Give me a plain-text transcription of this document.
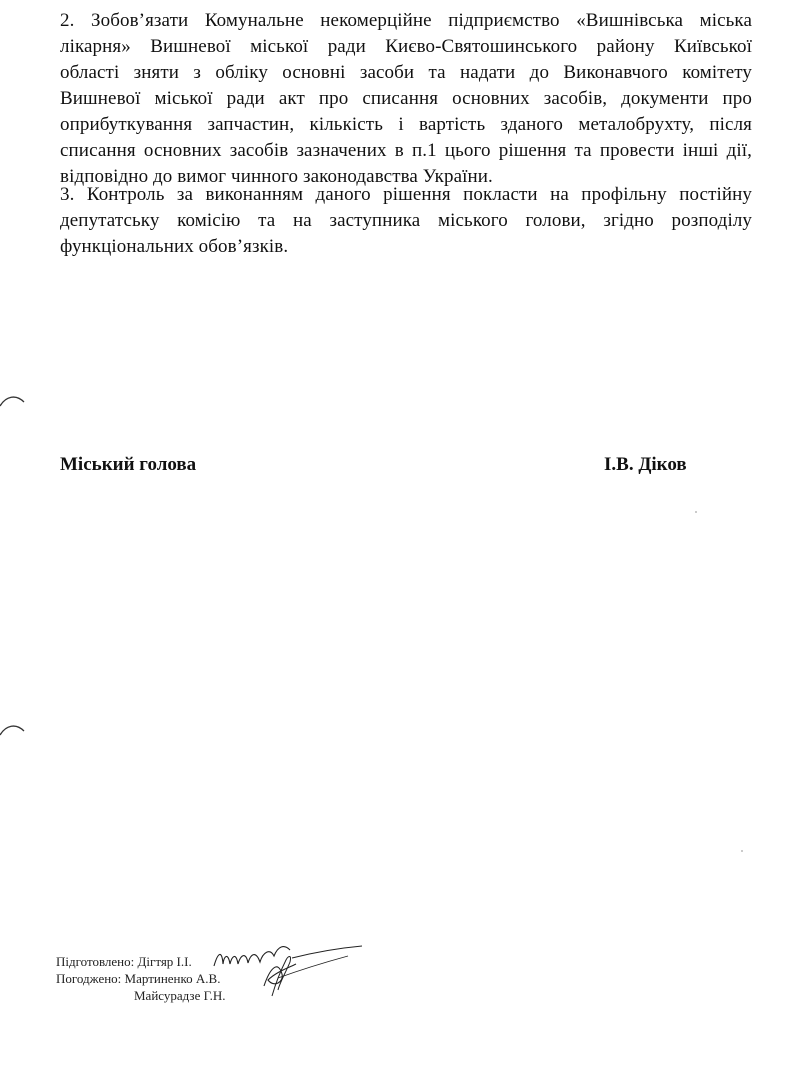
2. Зобов’язати Комунальне некомерційне підприємство «Вишнівська міська
лікарня» Вишневої міської ради Києво-Святошинського району Київської
області зняти з обліку основні засоби та надати до Виконавчого комітету
Вишневої міської ради акт про списання основних засобів, документи про
оприбуткування запчастин, кількість і вартість зданого металобрухту, після
списання основних засобів зазначених в п.1 цього рішення та провести інші дії,
відповідно до вимог чинного законодавства України.
3. Контроль за виконанням даного рішення покласти на профільну постійну
депутатську комісію та на заступника міського голови, згідно розподілу
функціональних обов’язків.
Міський голова	І.В. Діков
Підготовлено: Дігтяр І.І.
Погоджено: Мартиненко А.В.
Майсурадзе Г.Н.
